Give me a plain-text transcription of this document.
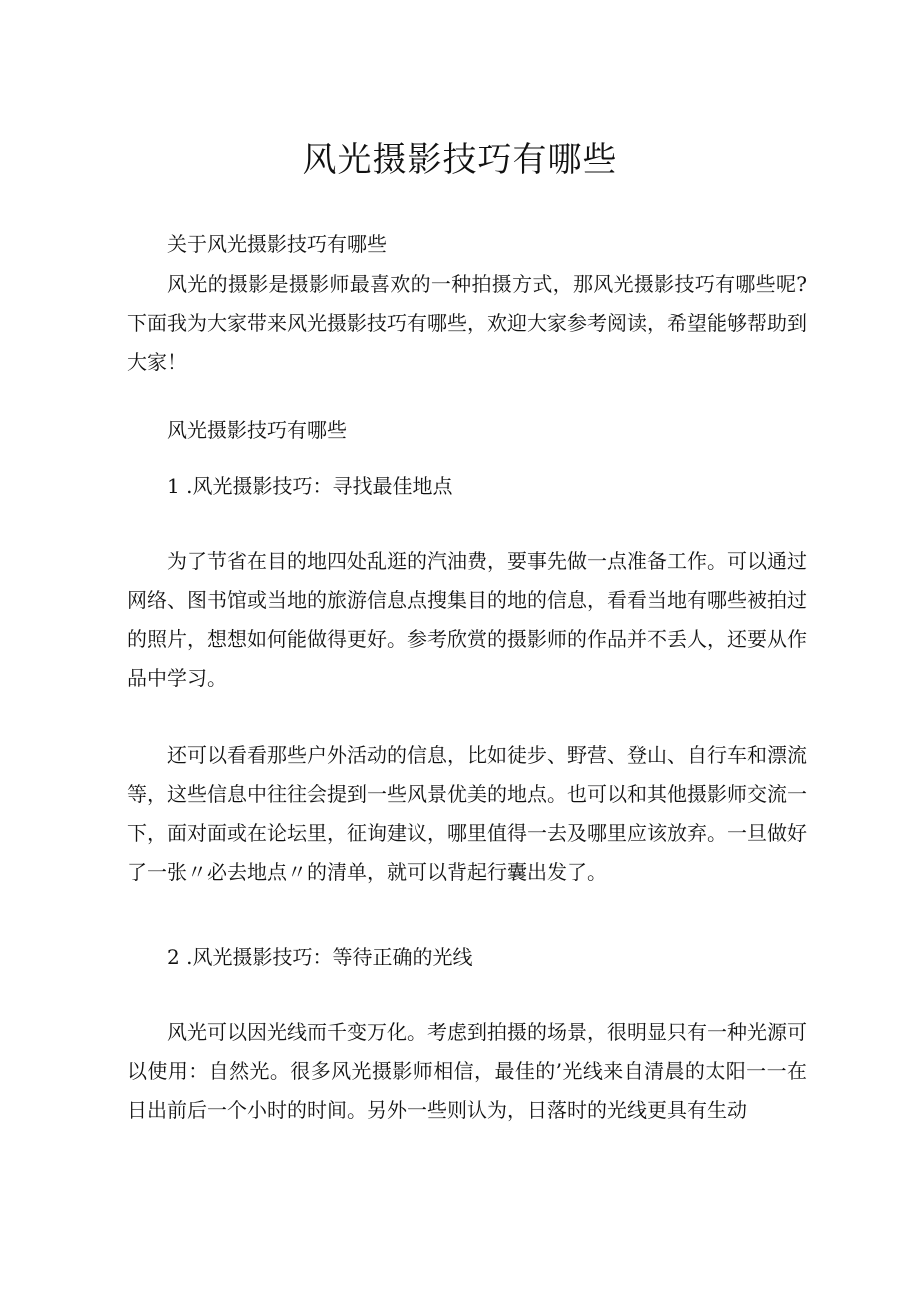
风光摄影技巧有哪些

关于风光摄影技巧有哪些

风光的摄影是摄影师最喜欢的一种拍摄方式，那风光摄影技巧有哪些呢?下面我为大家带来风光摄影技巧有哪些，欢迎大家参考阅读，希望能够帮助到大家！

风光摄影技巧有哪些

1 .风光摄影技巧：寻找最佳地点

为了节省在目的地四处乱逛的汽油费，要事先做一点准备工作。可以通过网络、图书馆或当地的旅游信息点搜集目的地的信息，看看当地有哪些被拍过的照片，想想如何能做得更好。参考欣赏的摄影师的作品并不丢人，还要从作品中学习。

还可以看看那些户外活动的信息，比如徒步、野营、登山、自行车和漂流等，这些信息中往往会提到一些风景优美的地点。也可以和其他摄影师交流一下，面对面或在论坛里，征询建议，哪里值得一去及哪里应该放弃。一旦做好了一张〃必去地点〃的清单，就可以背起行囊出发了。

2 .风光摄影技巧：等待正确的光线

风光可以因光线而千变万化。考虑到拍摄的场景，很明显只有一种光源可以使用：自然光。很多风光摄影师相信，最佳的’光线来自清晨的太阳一一在日出前后一个小时的时间。另外一些则认为，日落时的光线更具有生动
